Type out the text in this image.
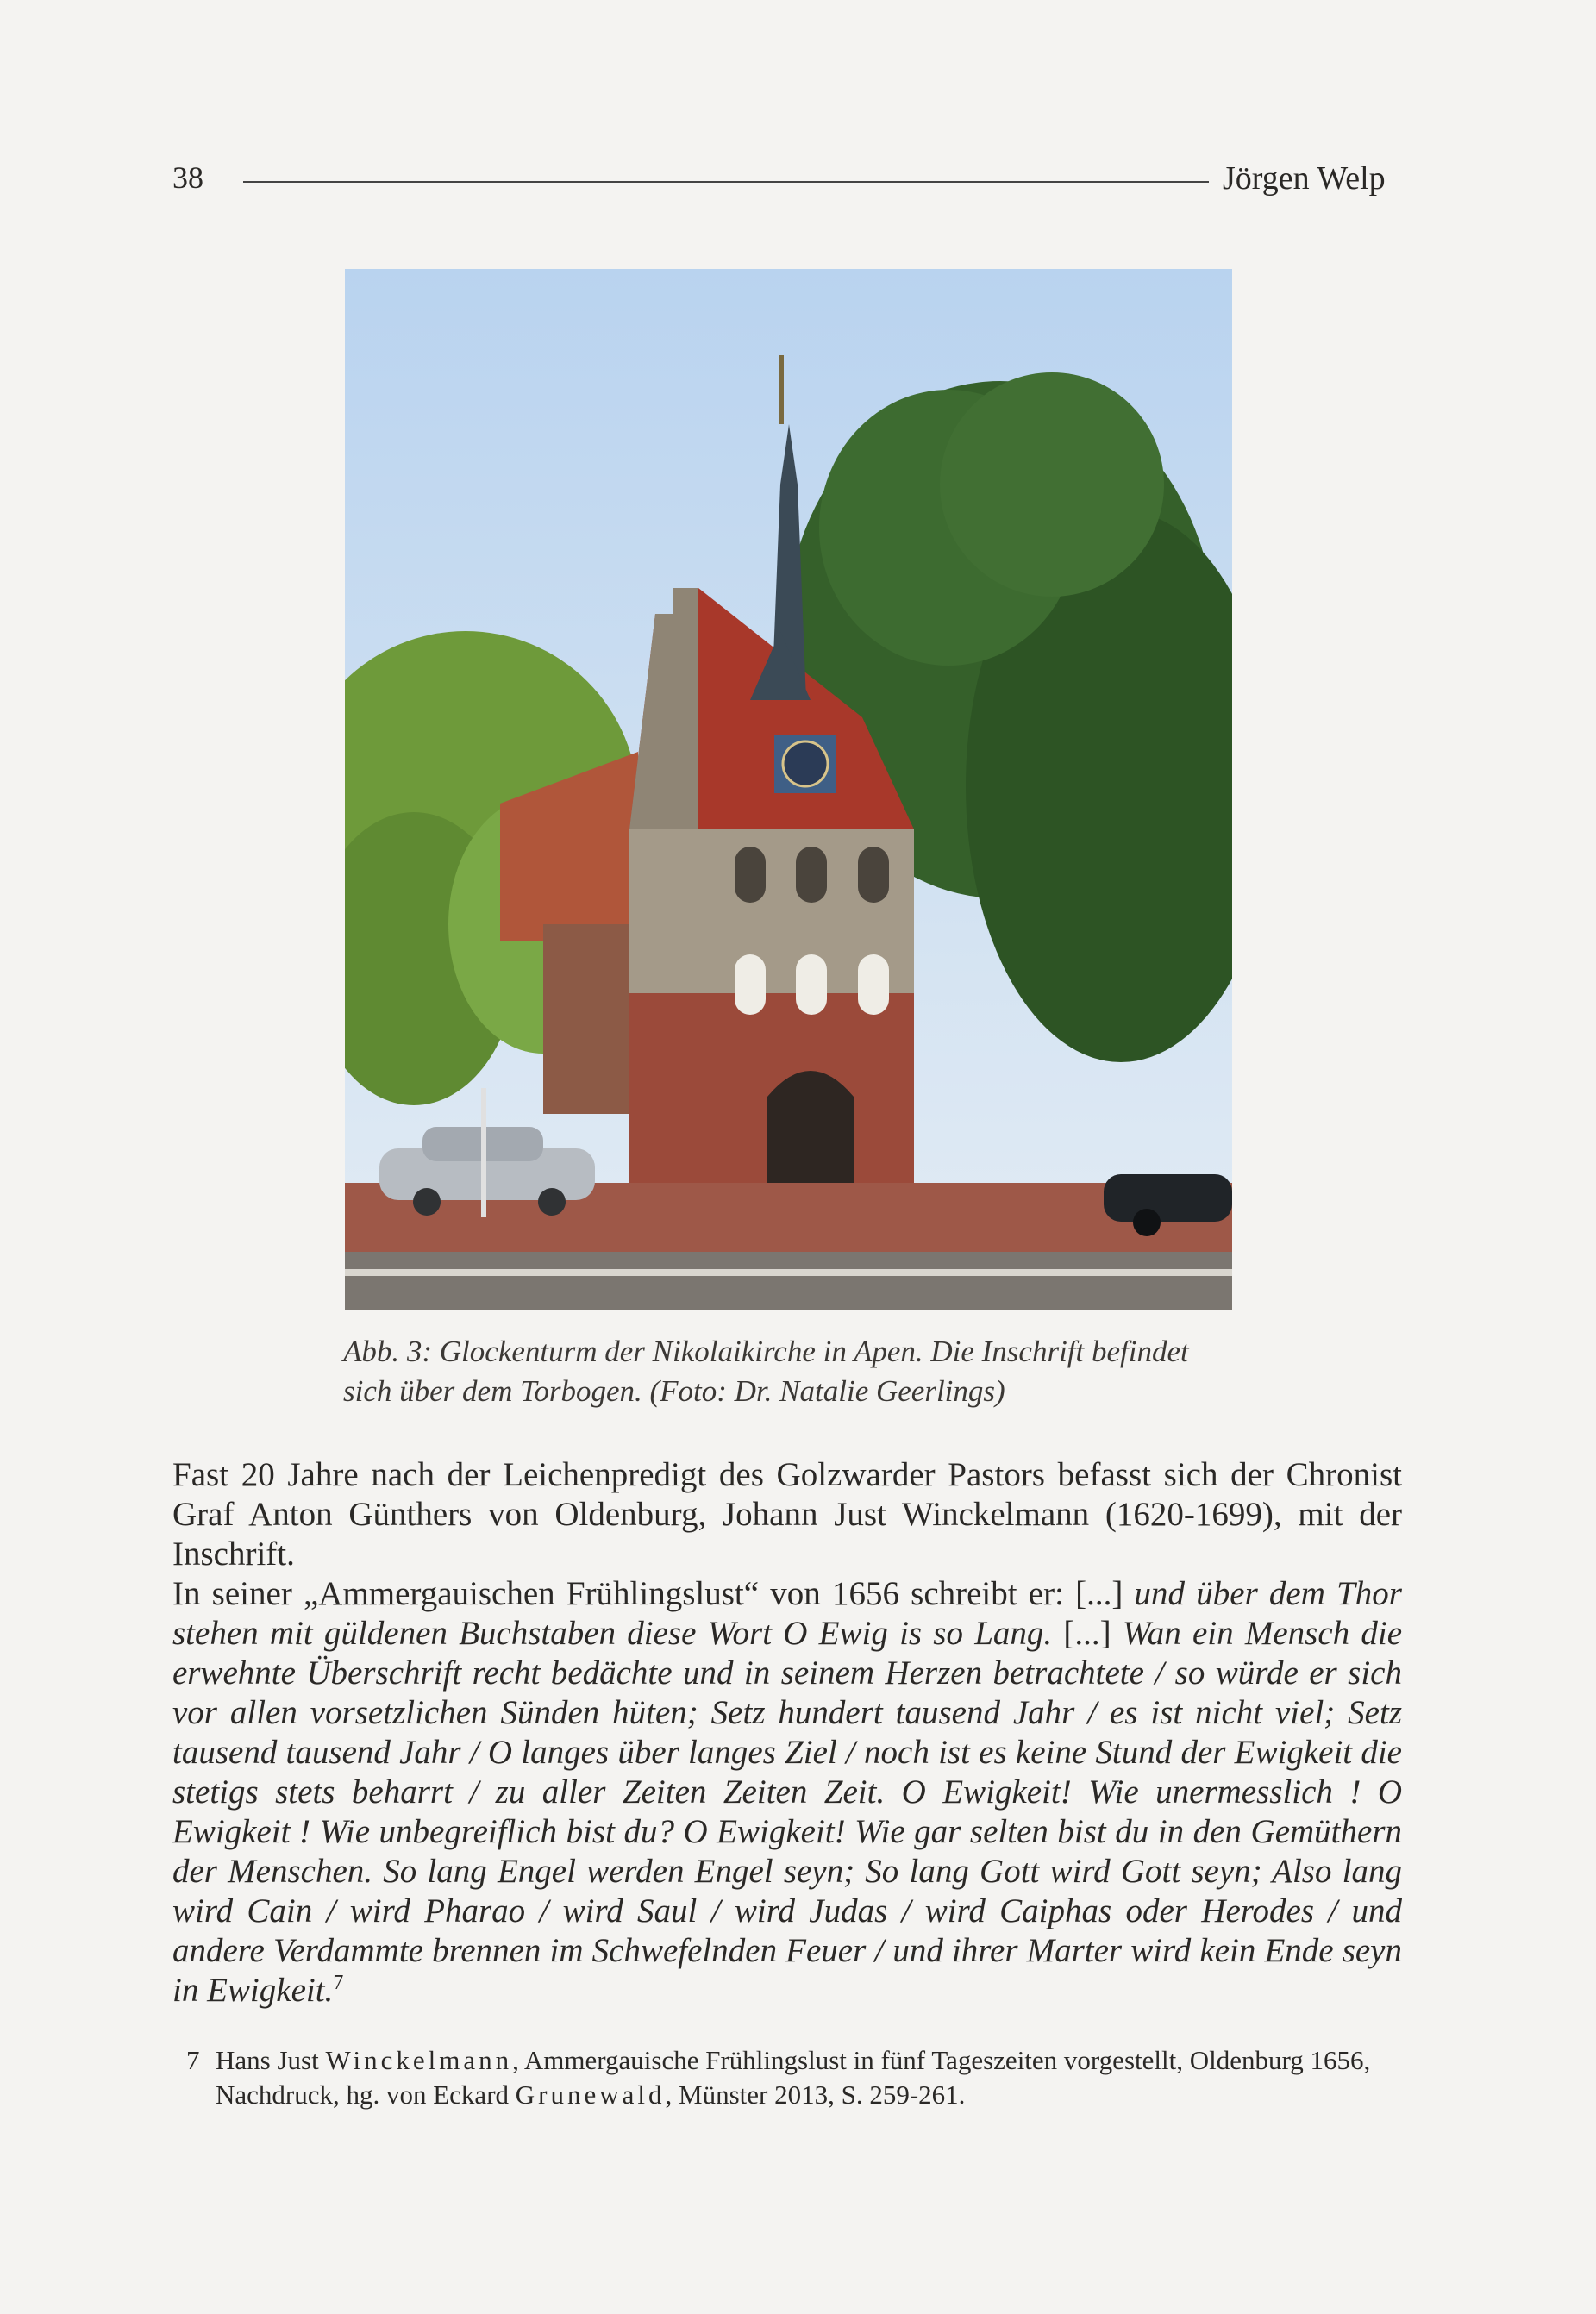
38	Jörgen Welp
Abb. 3: Glockenturm der Nikolaikirche in Apen. Die Inschrift befindet
sich über dem Torbogen. (Foto: Dr. Natalie Geerlings)

Fast 20 Jahre nach der Leichenpredigt des Golzwarder Pastors befasst sich der Chronist Graf Anton Günthers von Oldenburg, Johann Just Winckelmann (1620-1699), mit der Inschrift.

In seiner „Ammergauischen Frühlingslust“ von 1656 schreibt er: [...] und über dem Thor stehen mit güldenen Buchstaben diese Wort O Ewig is so Lang. [...] Wan ein Mensch die erwehnte Überschrift recht bedächte und in seinem Herzen betrachtete / so würde er sich vor allen vorsetzlichen Sünden hüten; Setz hundert tausend Jahr / es ist nicht viel; Setz tausend tausend Jahr / O langes über langes Ziel / noch ist es keine Stund der Ewigkeit die stetigs stets beharrt / zu aller Zeiten Zeiten Zeit. O Ewigkeit! Wie unermesslich ! O Ewigkeit ! Wie unbegreiflich bist du? O Ewigkeit! Wie gar selten bist du in den Gemüthern der Menschen. So lang Engel werden Engel seyn; So lang Gott wird Gott seyn; Also lang wird Cain / wird Pharao / wird Saul / wird Judas / wird Caiphas oder Herodes / und andere Verdammte brennen im Schwefelnden Feuer / und ihrer Marter wird kein Ende seyn in Ewigkeit.$^7$

7 Hans Just Winckelmann, Ammergauische Frühlingslust in fünf Tageszeiten vorgestellt, Oldenburg 1656, Nachdruck, hg. von Eckard Grunewald, Münster 2013, S. 259-261.
